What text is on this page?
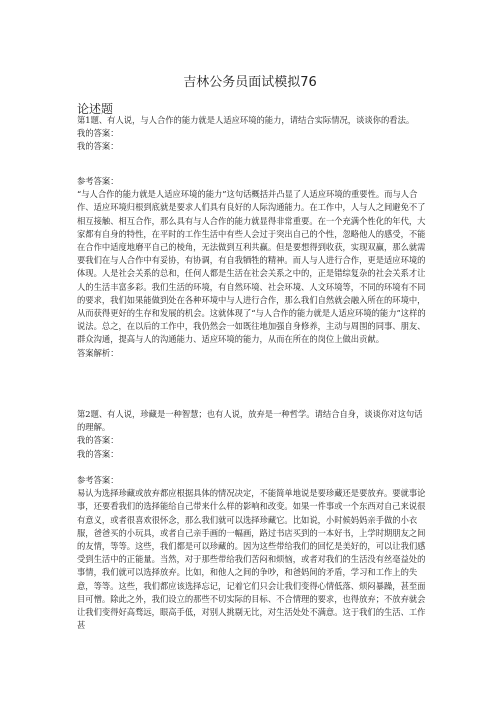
吉林公务员面试模拟76
论述题

第1题、有人说，与人合作的能力就是人适应环境的能力，请结合实际情况，谈谈你的看法。

我的答案：

我的答案：

参考答案：

“与人合作的能力就是人适应环境的能力”这句话概括并凸显了人适应环境的重要性。而与人合作、适应环境归根到底就是要求人们具有良好的人际沟通能力。在工作中，人与人之间避免不了相互接触、相互合作，那么具有与人合作的能力就显得非常重要。在一个充满个性化的年代，大家都有自身的特性，在平时的工作生活中有些人会过于突出自己的个性，忽略他人的感受，不能在合作中适度地磨平自己的棱角，无法做到互利共赢。但是要想得到收获，实现双赢，那么就需要我们在与人合作中有妥协，有协调，有自我牺牲的精神。而人与人进行合作，更是适应环境的体现。人是社会关系的总和，任何人都是生活在社会关系之中的，正是错综复杂的社会关系才让人的生活丰富多彩。我们生活的环境，有自然环境、社会环境、人文环境等，不同的环境有不同的要求，我们如果能做到处在各种环境中与人进行合作，那么我们自然就会融入所在的环境中，从而获得更好的生存和发展的机会。这就体现了“与人合作的能力就是人适应环境的能力”这样的说法。总之，在以后的工作中，我仍然会一如既往地加强自身修养，主动与周围的同事、朋友、群众沟通，提高与人的沟通能力、适应环境的能力，从而在所在的岗位上做出贡献。

答案解析：

第2题、有人说，珍藏是一种智慧；也有人说，放弃是一种哲学。请结合自身，谈谈你对这句话的理解。

我的答案：

我的答案：

参考答案：

易认为选择珍藏或放弃都应根据具体的情况决定，不能简单地说是要珍藏还是要放弃。要就事论事，还要看我们的选择能给自己带来什么样的影响和改变。如果一件事或一个东西对自己来说很有意义，或者很喜欢很怀念，那么我们就可以选择珍藏它。比如说，小时候妈妈亲手做的小衣服，爸爸买的小玩具，或者自己亲手画的一幅画，路过书店买到的一本好书，上学时期朋友之间的友情，等等。这些，我们都是可以珍藏的。因为这些带给我们的回忆是美好的，可以让我们感受到生活中的正能量。当然，对于那些带给我们苦闷和烦恼，或者对我们的生活没有丝毫益处的事情，我们就可以选择放弃。比如，和他人之间的争吵，和爸妈间的矛盾，学习和工作上的失意，等等。这些，我们都应该选择忘记，记着它们只会让我们变得心情低落、烦闷暴躁，甚至面目可憎。除此之外，我们设立的那些不切实际的目标、不合情理的要求，也得放弃；不放弃就会让我们变得好高骛远，眼高手低，对别人挑剔无比，对生活处处不满意。这于我们的生活、工作甚
